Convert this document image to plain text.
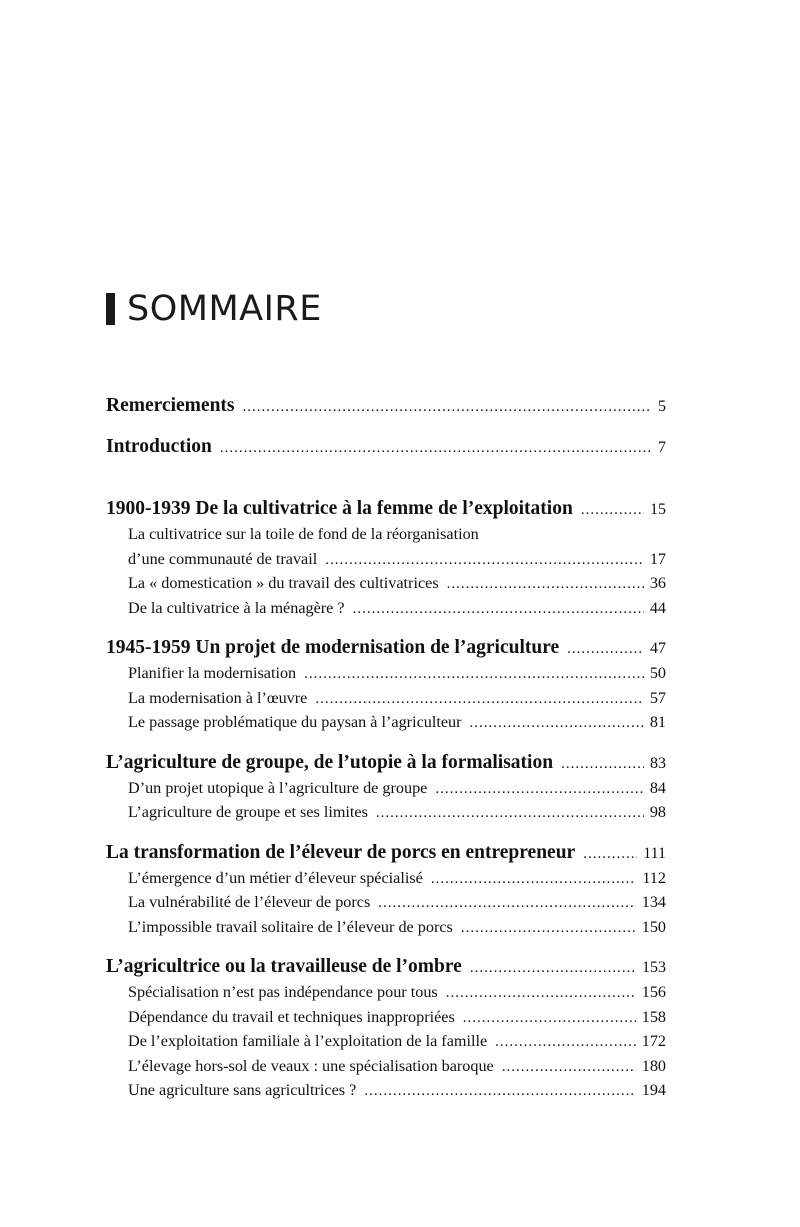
SOMMAIRE
Remerciements .....	5
Introduction .....	7
1900-1939 De la cultivatrice à la femme de l’exploitation .....	15
La cultivatrice sur la toile de fond de la réorganisation
d’une communauté de travail .....	17
La « domestication » du travail des cultivatrices .....	36
De la cultivatrice à la ménagère ? .....	44
1945-1959 Un projet de modernisation de l’agriculture .....	47
Planifier la modernisation .....	50
La modernisation à l’œuvre .....	57
Le passage problématique du paysan à l’agriculteur .....	81
L’agriculture de groupe, de l’utopie à la formalisation .....	83
D’un projet utopique à l’agriculture de groupe .....	84
L’agriculture de groupe et ses limites .....	98
La transformation de l’éleveur de porcs en entrepreneur .....	111
L’émergence d’un métier d’éleveur spécialisé .....	112
La vulnérabilité de l’éleveur de porcs .....	134
L’impossible travail solitaire de l’éleveur de porcs .....	150
L’agricultrice ou la travailleuse de l’ombre .....	153
Spécialisation n’est pas indépendance pour tous .....	156
Dépendance du travail et techniques inappropriées .....	158
De l’exploitation familiale à l’exploitation de la famille .....	172
L’élevage hors-sol de veaux : une spécialisation baroque .....	180
Une agriculture sans agricultrices ? .....	194
